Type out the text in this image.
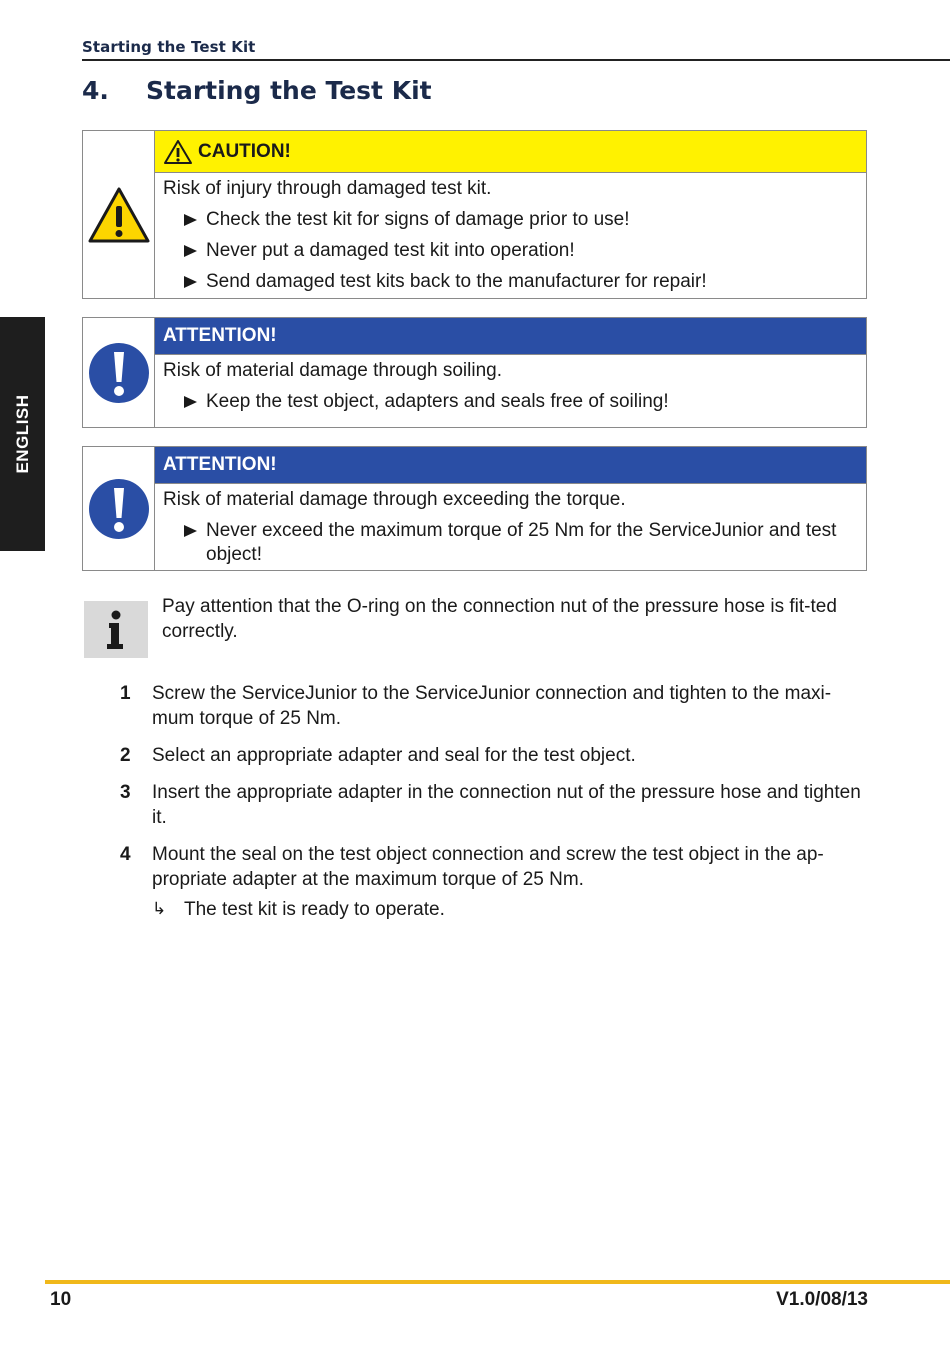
Starting the Test Kit
4. Starting the Test Kit
ENGLISH
CAUTION!
Risk of injury through damaged test kit.
Check the test kit for signs of damage prior to use!
Never put a damaged test kit into operation!
Send damaged test kits back to the manufacturer for repair!
ATTENTION!
Risk of material damage through soiling.
Keep the test object, adapters and seals free of soiling!
ATTENTION!
Risk of material damage through exceeding the torque.
Never exceed the maximum torque of 25 Nm for the ServiceJunior and test object!
Pay attention that the O-ring on the connection nut of the pressure hose is fit-ted correctly.
1 Screw the ServiceJunior to the ServiceJunior connection and tighten to the maxi-mum torque of 25 Nm.
2 Select an appropriate adapter and seal for the test object.
3 Insert the appropriate adapter in the connection nut of the pressure hose and tighten it.
4 Mount the seal on the test object connection and screw the test object in the ap-propriate adapter at the maximum torque of 25 Nm.
↳ The test kit is ready to operate.
10	V1.0/08/13
